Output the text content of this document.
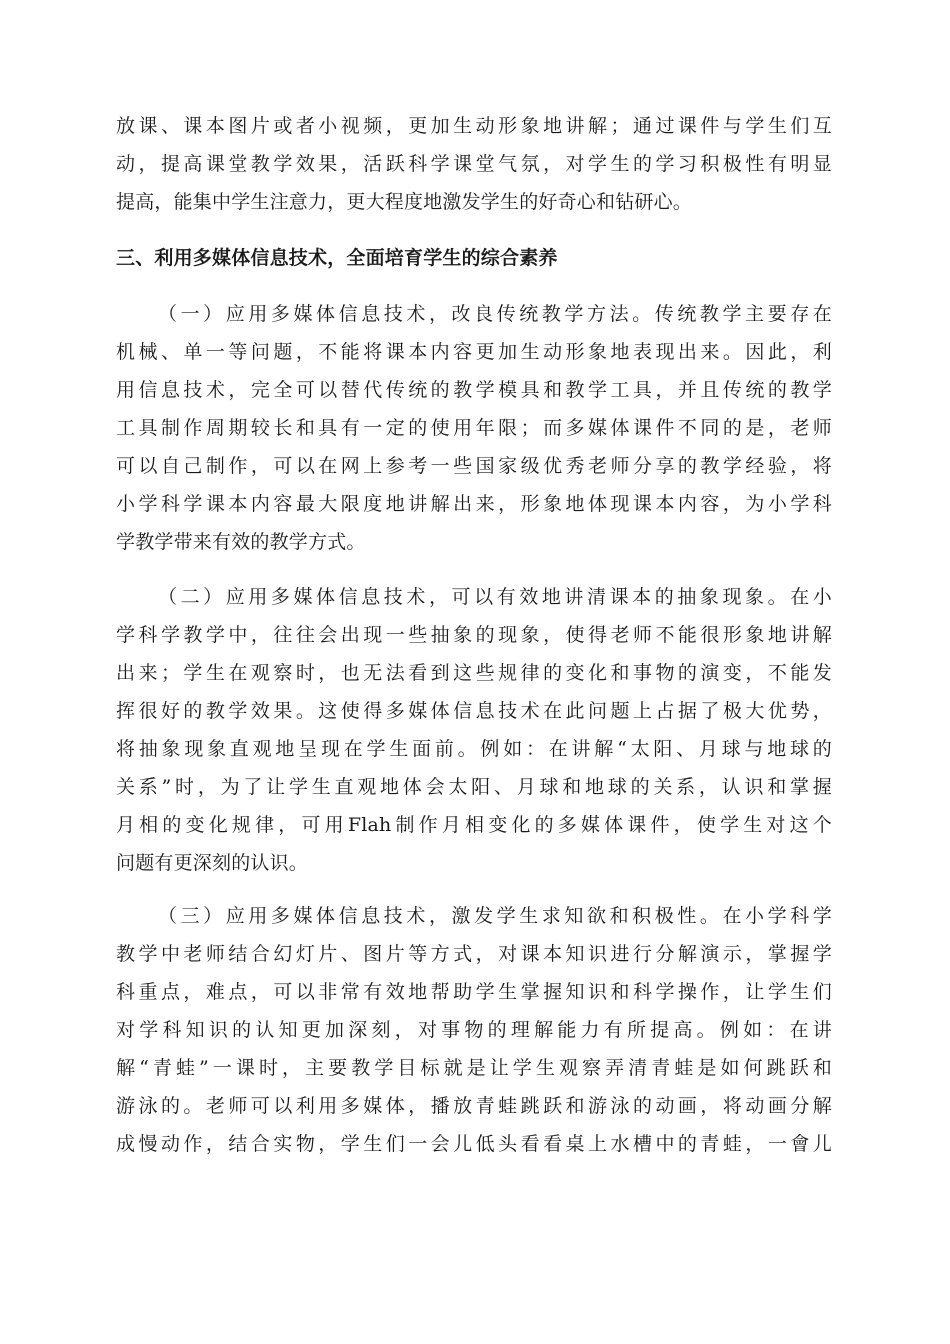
放课、课本图片或者小视频，更加生动形象地讲解；通过课件与学生们互
动，提高课堂教学效果，活跃科学课堂气氛，对学生的学习积极性有明显
提高，能集中学生注意力，更大程度地激发学生的好奇心和钻研心。
三、利用多媒体信息技术，全面培育学生的综合素养
（一）应用多媒体信息技术，改良传统教学方法。传统教学主要存在
机械、单一等问题，不能将课本内容更加生动形象地表现出来。因此，利
用信息技术，完全可以替代传统的教学模具和教学工具，并且传统的教学
工具制作周期较长和具有一定的使用年限；而多媒体课件不同的是，老师
可以自己制作，可以在网上参考一些国家级优秀老师分享的教学经验，将
小学科学课本内容最大限度地讲解出来，形象地体现课本内容，为小学科
学教学带来有效的教学方式。
（二）应用多媒体信息技术，可以有效地讲清课本的抽象现象。在小
学科学教学中，往往会出现一些抽象的现象，使得老师不能很形象地讲解
出来；学生在观察时，也无法看到这些规律的变化和事物的演变，不能发
挥很好的教学效果。这使得多媒体信息技术在此问题上占据了极大优势，
将抽象现象直观地呈现在学生面前。例如：在讲解“太阳、月球与地球的
关系”时，为了让学生直观地体会太阳、月球和地球的关系，认识和掌握
月相的变化规律，可用Flah制作月相变化的多媒体课件，使学生对这个
问题有更深刻的认识。
（三）应用多媒体信息技术，激发学生求知欲和积极性。在小学科学
教学中老师结合幻灯片、图片等方式，对课本知识进行分解演示，掌握学
科重点，难点，可以非常有效地帮助学生掌握知识和科学操作，让学生们
对学科知识的认知更加深刻，对事物的理解能力有所提高。例如：在讲
解“青蛙”一课时，主要教学目标就是让学生观察弄清青蛙是如何跳跃和
游泳的。老师可以利用多媒体，播放青蛙跳跃和游泳的动画，将动画分解
成慢动作，结合实物，学生们一会儿低头看看桌上水槽中的青蛙，一會儿
